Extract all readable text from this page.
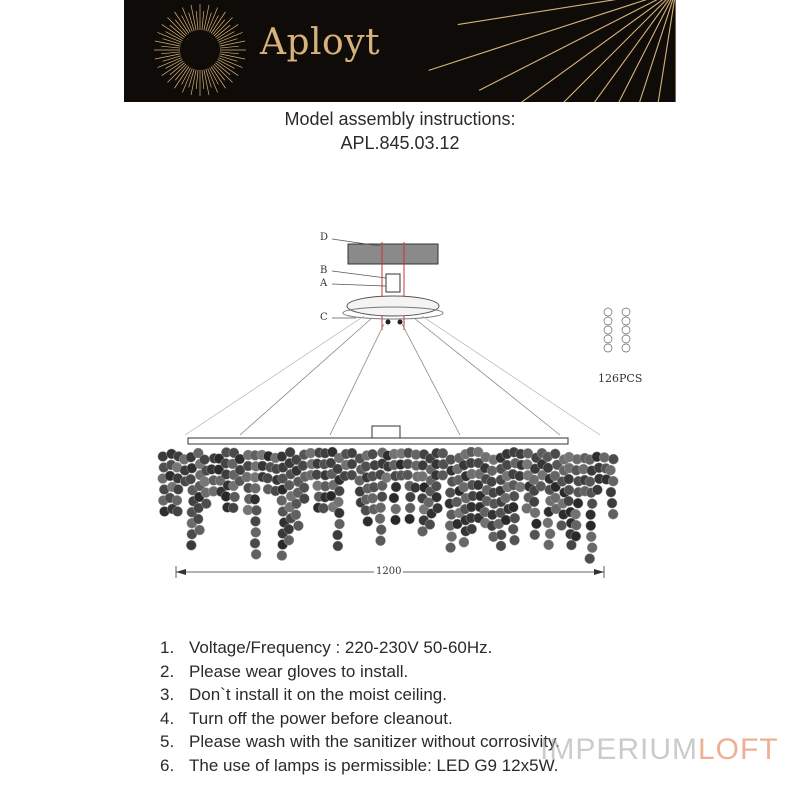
Aployt
Model assembly instructions:
APL.845.03.12
D
B
A
C
126PCS
1200
1. Voltage/Frequency : 220-230V 50-60Hz.
2. Please wear gloves to install.
3. Don`t install it on the moist ceiling.
4. Turn off the power before cleanout.
5. Please wash with the sanitizer without corrosivity.
6. The use of lamps is permissible: LED G9 12x5W.
IMPERIUMLOFT
